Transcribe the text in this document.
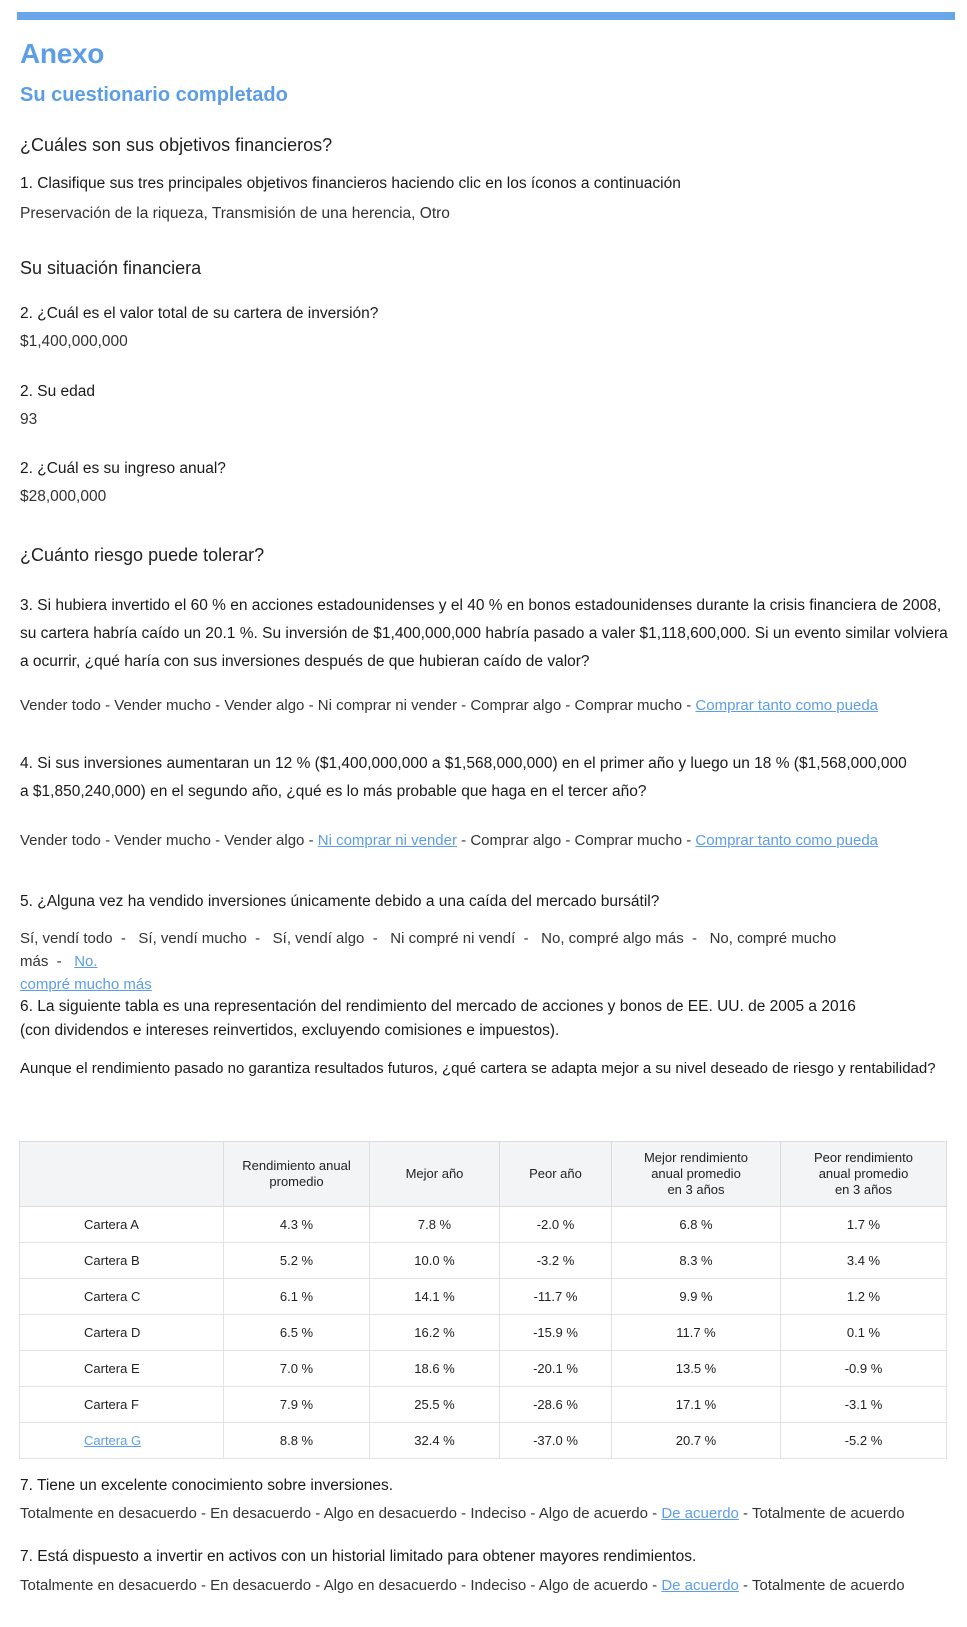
Anexo
Su cuestionario completado
¿Cuáles son sus objetivos financieros?
1. Clasifique sus tres principales objetivos financieros haciendo clic en los íconos a continuación
Preservación de la riqueza, Transmisión de una herencia, Otro
Su situación financiera
2. ¿Cuál es el valor total de su cartera de inversión?
$1,400,000,000
2. Su edad
93
2. ¿Cuál es su ingreso anual?
$28,000,000
¿Cuánto riesgo puede tolerar?
3. Si hubiera invertido el 60 % en acciones estadounidenses y el 40 % en bonos estadounidenses durante la crisis financiera de 2008,
su cartera habría caído un 20.1 %. Su inversión de $1,400,000,000 habría pasado a valer $1,118,600,000. Si un evento similar volviera
a ocurrir, ¿qué haría con sus inversiones después de que hubieran caído de valor?
Vender todo - Vender mucho - Vender algo - Ni comprar ni vender - Comprar algo - Comprar mucho - Comprar tanto como pueda
4. Si sus inversiones aumentaran un 12 % ($1,400,000,000 a $1,568,000,000) en el primer año y luego un 18 % ($1,568,000,000
a $1,850,240,000) en el segundo año, ¿qué es lo más probable que haga en el tercer año?
Vender todo - Vender mucho - Vender algo - Ni comprar ni vender - Comprar algo - Comprar mucho - Comprar tanto como pueda
5. ¿Alguna vez ha vendido inversiones únicamente debido a una caída del mercado bursátil?
Sí, vendí todo  -   Sí, vendí mucho  -   Sí, vendí algo  -   Ni compré ni vendí  -   No, compré algo más  -   No, compré mucho más  -   No.
compré mucho más
6. La siguiente tabla es una representación del rendimiento del mercado de acciones y bonos de EE. UU. de 2005 a 2016
(con dividendos e intereses reinvertidos, excluyendo comisiones e impuestos).
Aunque el rendimiento pasado no garantiza resultados futuros, ¿qué cartera se adapta mejor a su nivel deseado de riesgo y rentabilidad?
	Rendimiento anual
promedio	Mejor año	Peor año	Mejor rendimiento
anual promedio
en 3 años	Peor rendimiento
anual promedio
en 3 años
Cartera A	4.3 %	7.8 %	-2.0 %	6.8 %	1.7 %
Cartera B	5.2 %	10.0 %	-3.2 %	8.3 %	3.4 %
Cartera C	6.1 %	14.1 %	-11.7 %	9.9 %	1.2 %
Cartera D	6.5 %	16.2 %	-15.9 %	11.7 %	0.1 %
Cartera E	7.0 %	18.6 %	-20.1 %	13.5 %	-0.9 %
Cartera F	7.9 %	25.5 %	-28.6 %	17.1 %	-3.1 %
Cartera G	8.8 %	32.4 %	-37.0 %	20.7 %	-5.2 %
7. Tiene un excelente conocimiento sobre inversiones.
Totalmente en desacuerdo - En desacuerdo - Algo en desacuerdo - Indeciso - Algo de acuerdo - De acuerdo - Totalmente de acuerdo
7. Está dispuesto a invertir en activos con un historial limitado para obtener mayores rendimientos.
Totalmente en desacuerdo - En desacuerdo - Algo en desacuerdo - Indeciso - Algo de acuerdo - De acuerdo - Totalmente de acuerdo
